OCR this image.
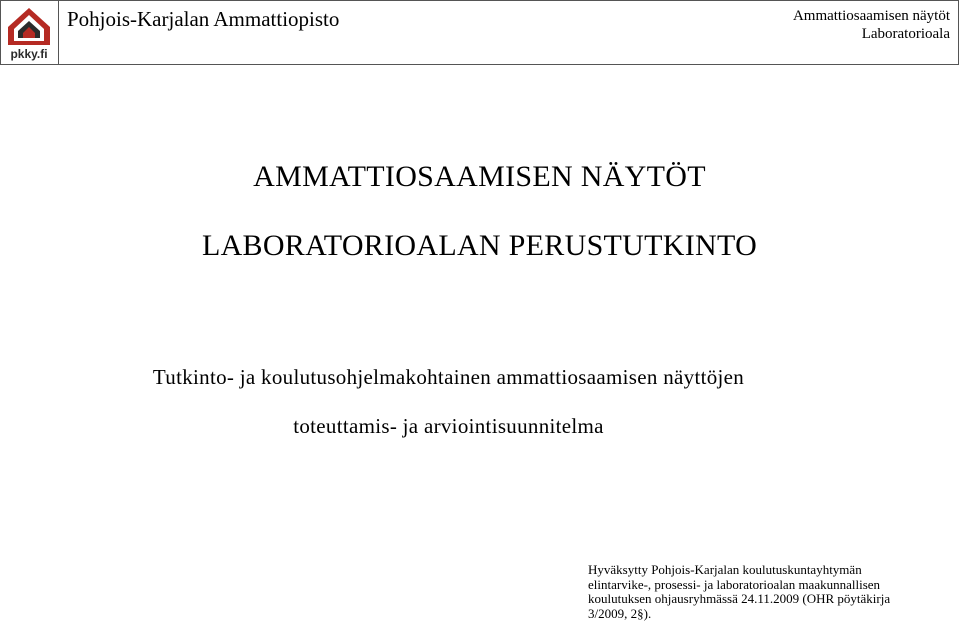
pkky.fi
Pohjois-Karjalan Ammattiopisto	Ammattiosaamisen näytöt
Laboratorioala
AMMATTIOSAAMISEN NÄYTÖT
LABORATORIOALAN PERUSTUTKINTO
Tutkinto- ja koulutusohjelmakohtainen ammattiosaamisen näyttöjen
toteuttamis- ja arviointisuunnitelma
Hyväksytty Pohjois-Karjalan koulutuskuntayhtymän
elintarvike-, prosessi- ja laboratorioalan maakunnallisen
koulutuksen ohjausryhmässä 24.11.2009 (OHR pöytäkirja
3/2009, 2§).
